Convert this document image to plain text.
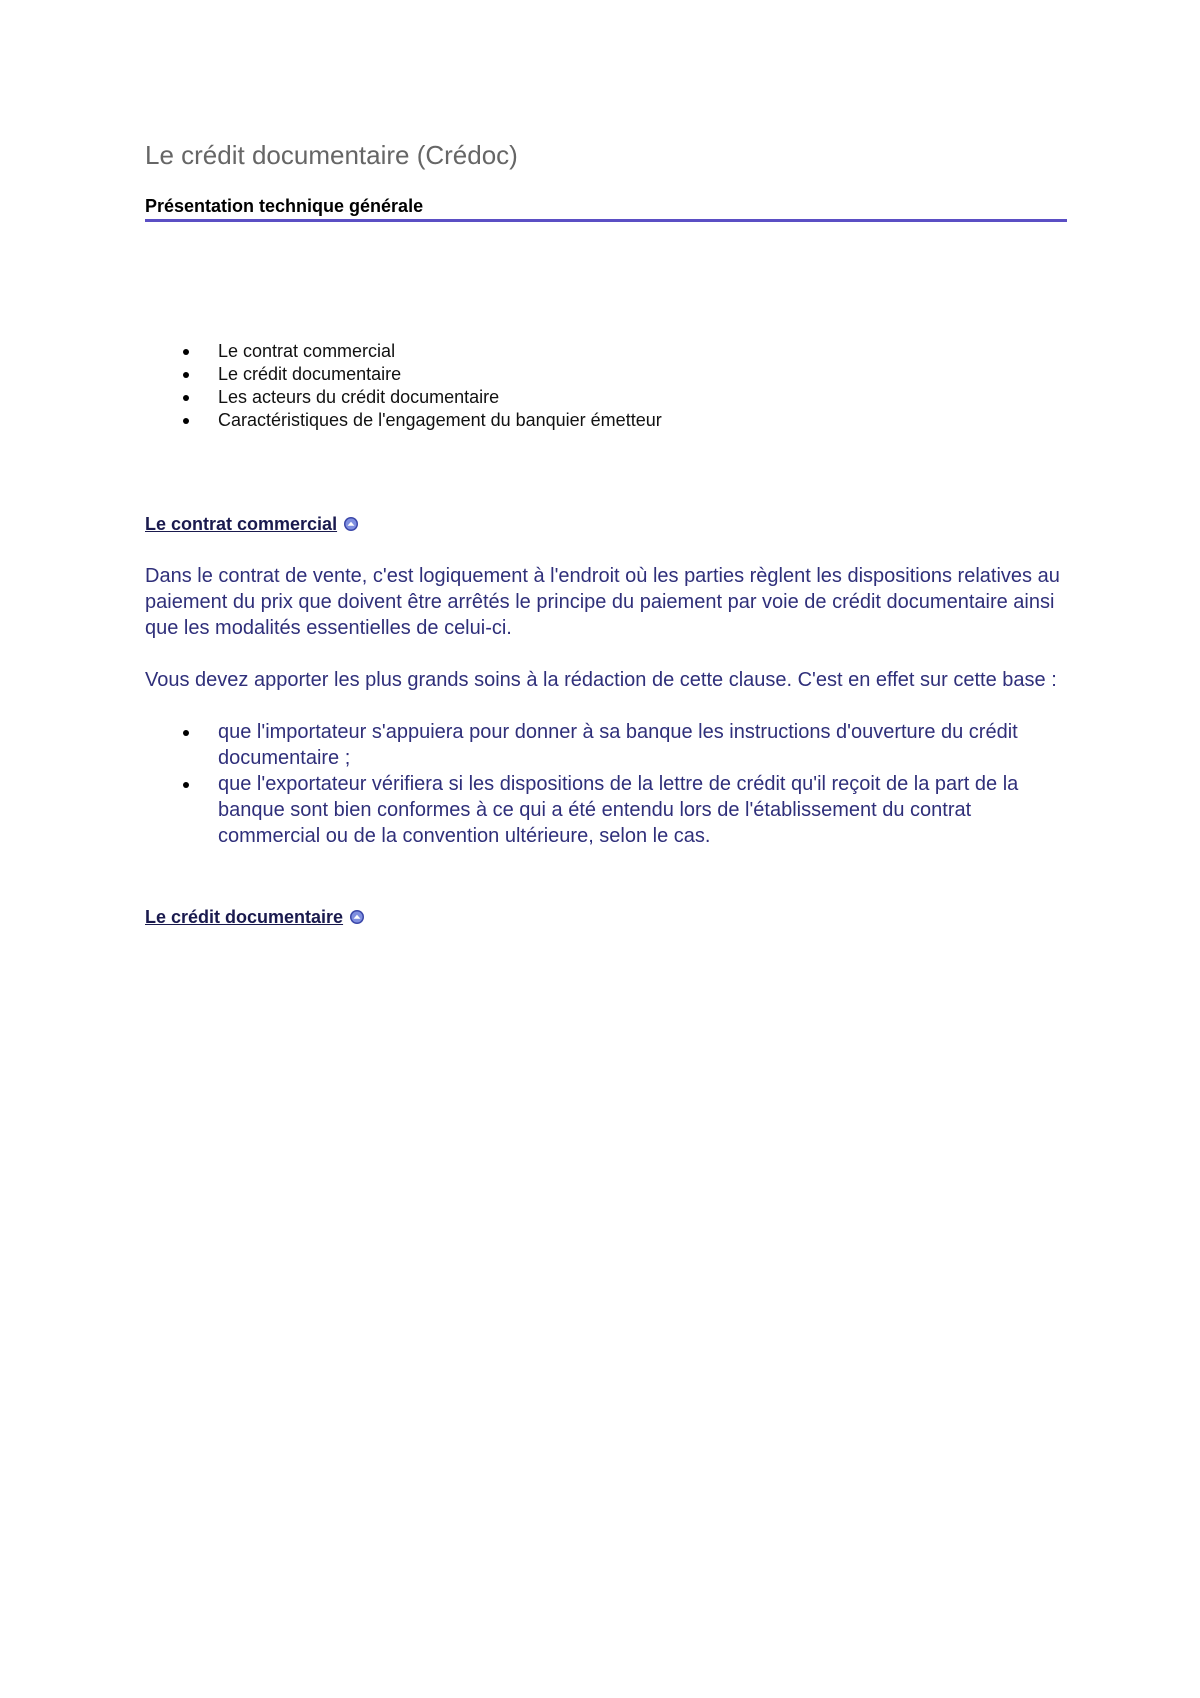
Le crédit documentaire (Crédoc)
Présentation technique générale
Le contrat commercial
Le crédit documentaire
Les acteurs du crédit documentaire
Caractéristiques de l'engagement du banquier émetteur
Le contrat commercial

Dans le contrat de vente, c'est logiquement à l'endroit où les parties règlent les dispositions relatives au paiement du prix que doivent être arrêtés le principe du paiement par voie de crédit documentaire ainsi que les modalités essentielles de celui-ci.

Vous devez apporter les plus grands soins à la rédaction de cette clause. C'est en effet sur cette base :

que l'importateur s'appuiera pour donner à sa banque les instructions d'ouverture du crédit documentaire ;
que l'exportateur vérifiera si les dispositions de la lettre de crédit qu'il reçoit de la part de la banque sont bien conformes à ce qui a été entendu lors de l'établissement du contrat commercial ou de la convention ultérieure, selon le cas.
Le crédit documentaire
